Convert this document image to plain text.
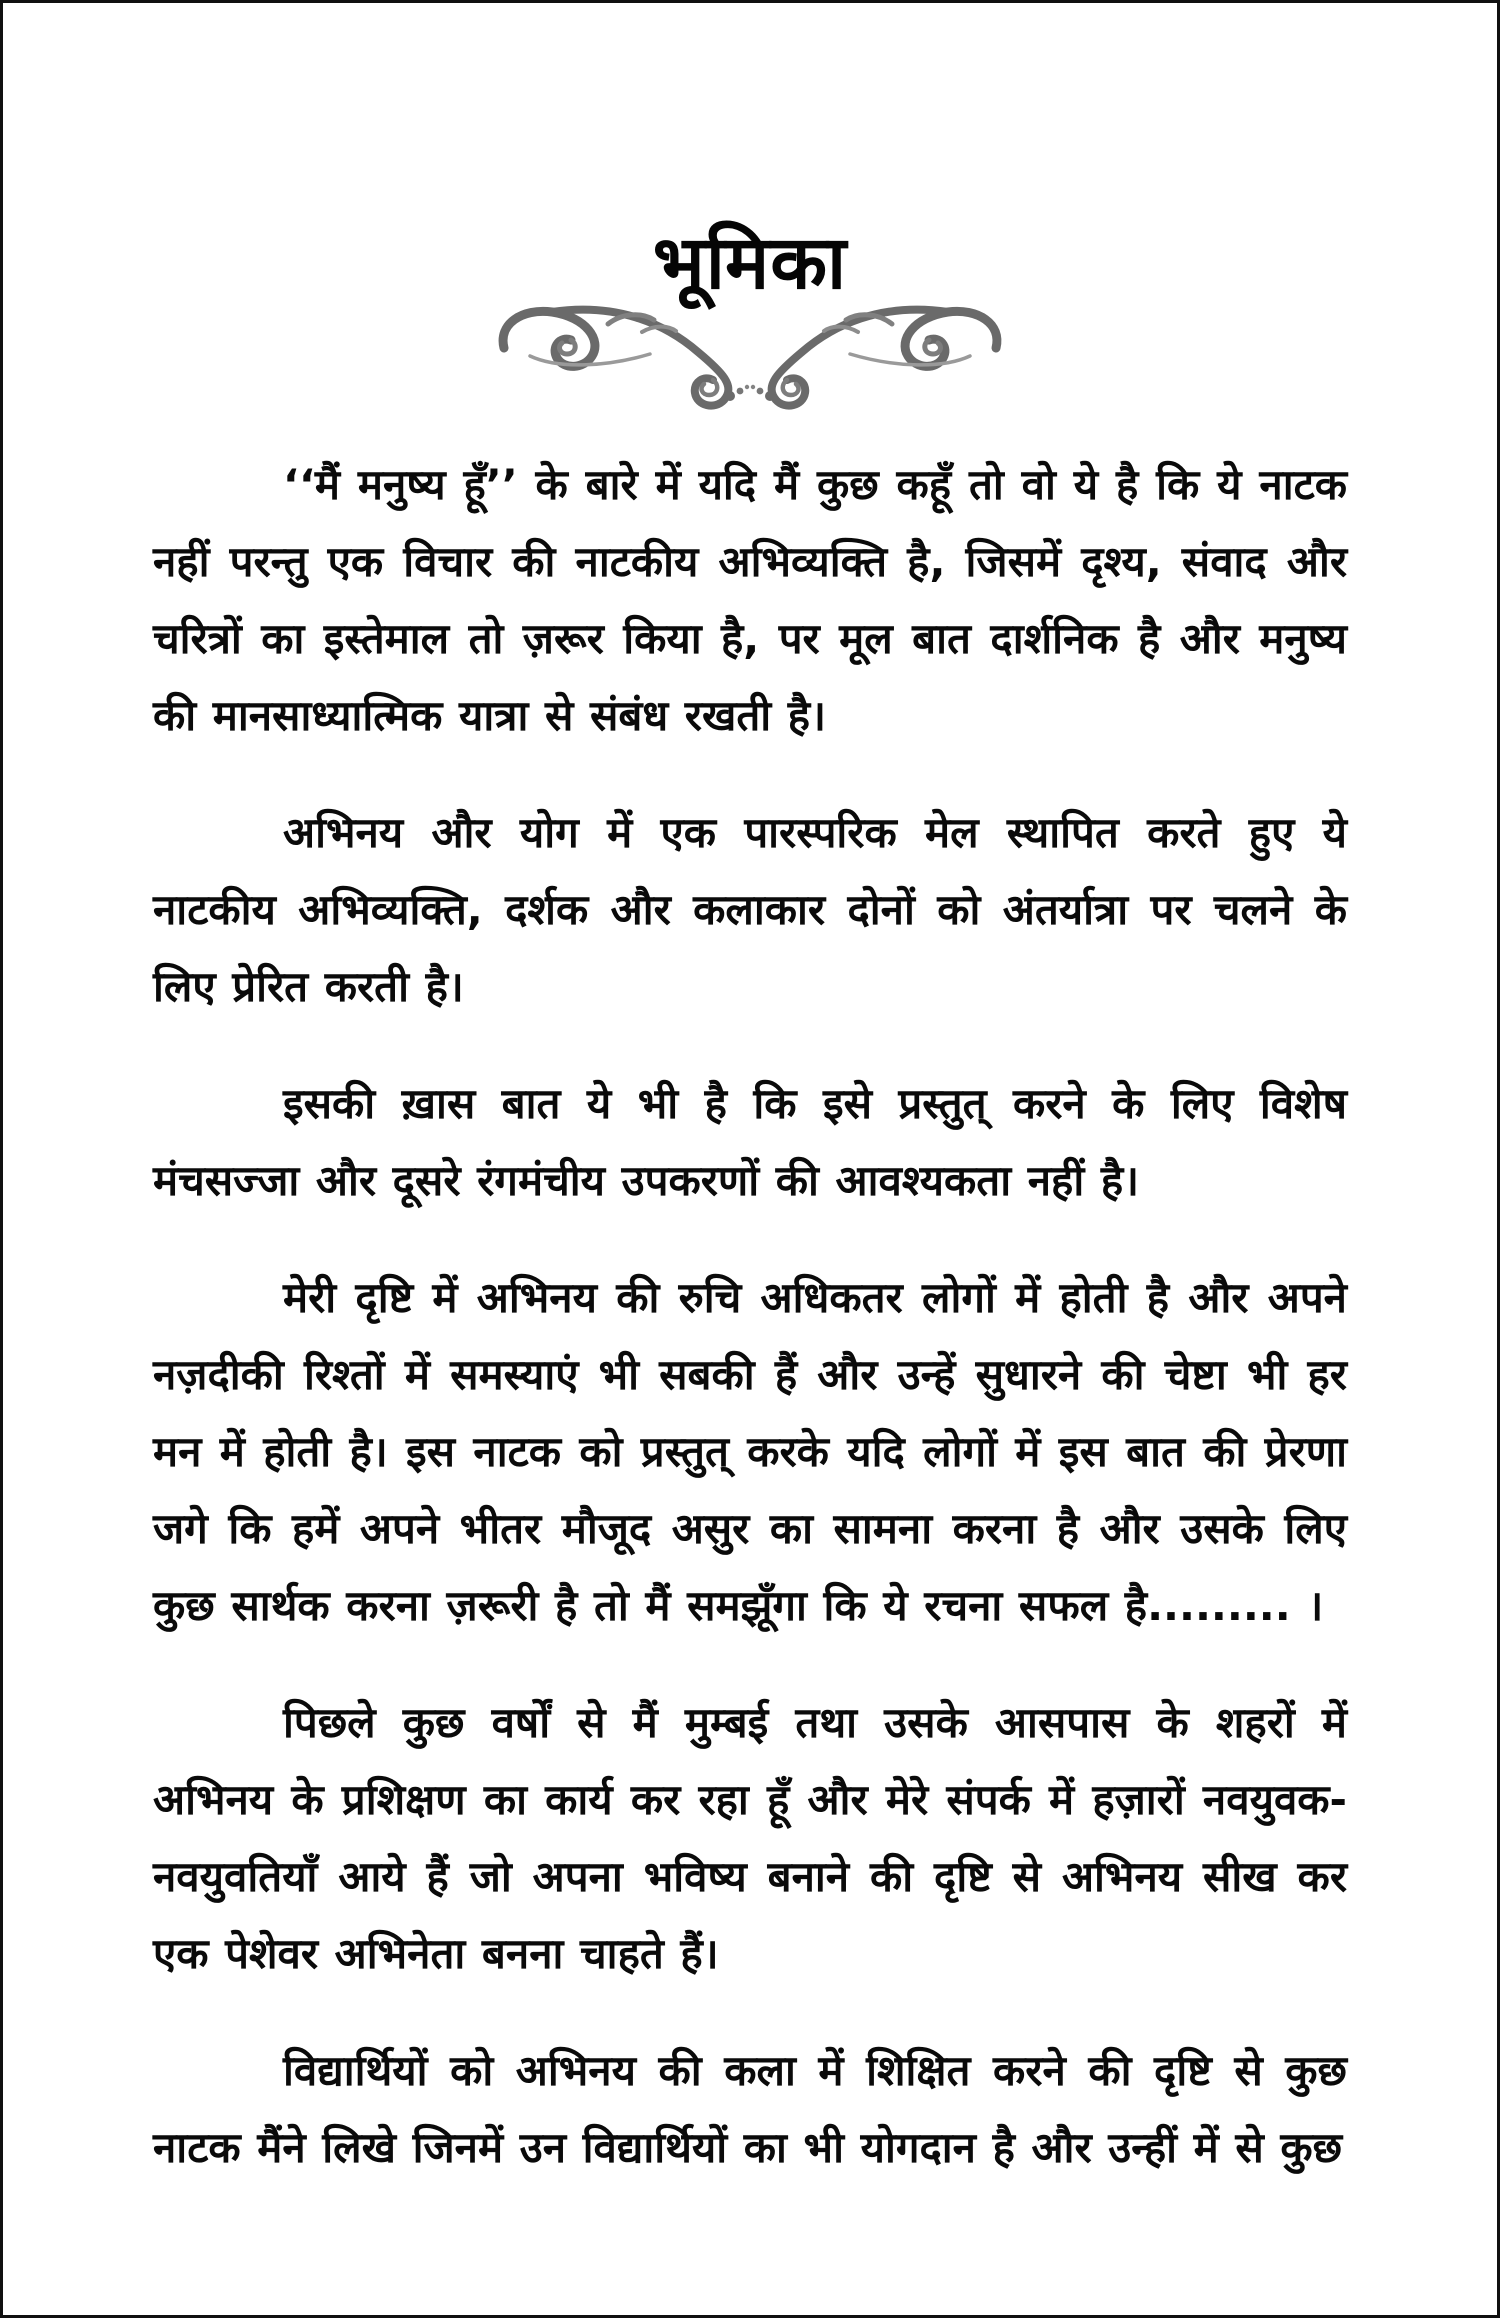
भूमिका

‘‘मैं मनुष्य हूँ’’ के बारे में यदि मैं कुछ कहूँ तो वो ये है कि ये नाटक नहीं परन्तु एक विचार की नाटकीय अभिव्यक्ति है, जिसमें दृश्य, संवाद और चरित्रों का इस्तेमाल तो ज़रूर किया है, पर मूल बात दार्शनिक है और मनुष्य की मानसाध्यात्मिक यात्रा से संबंध रखती है।

अभिनय और योग में एक पारस्परिक मेल स्थापित करते हुए ये नाटकीय अभिव्यक्ति, दर्शक और कलाकार दोनों को अंतर्यात्रा पर चलने के लिए प्रेरित करती है।

इसकी ख़ास बात ये भी है कि इसे प्रस्तुत् करने के लिए विशेष मंचसज्जा और दूसरे रंगमंचीय उपकरणों की आवश्यकता नहीं है।

मेरी दृष्टि में अभिनय की रुचि अधिकतर लोगों में होती है और अपने नज़दीकी रिश्तों में समस्याएं भी सबकी हैं और उन्हें सुधारने की चेष्टा भी हर मन में होती है। इस नाटक को प्रस्तुत् करके यदि लोगों में इस बात की प्रेरणा जगे कि हमें अपने भीतर मौजूद असुर का सामना करना है और उसके लिए कुछ सार्थक करना ज़रूरी है तो मैं समझूँगा कि ये रचना सफल है......... ।

पिछले कुछ वर्षों से मैं मुम्बई तथा उसके आसपास के शहरों में अभिनय के प्रशिक्षण का कार्य कर रहा हूँ और मेरे संपर्क में हज़ारों नवयुवक-नवयुवतियाँ आये हैं जो अपना भविष्य बनाने की दृष्टि से अभिनय सीख कर एक पेशेवर अभिनेता बनना चाहते हैं।

विद्यार्थियों को अभिनय की कला में शिक्षित करने की दृष्टि से कुछ नाटक मैंने लिखे जिनमें उन विद्यार्थियों का भी योगदान है और उन्हीं में से कुछ
